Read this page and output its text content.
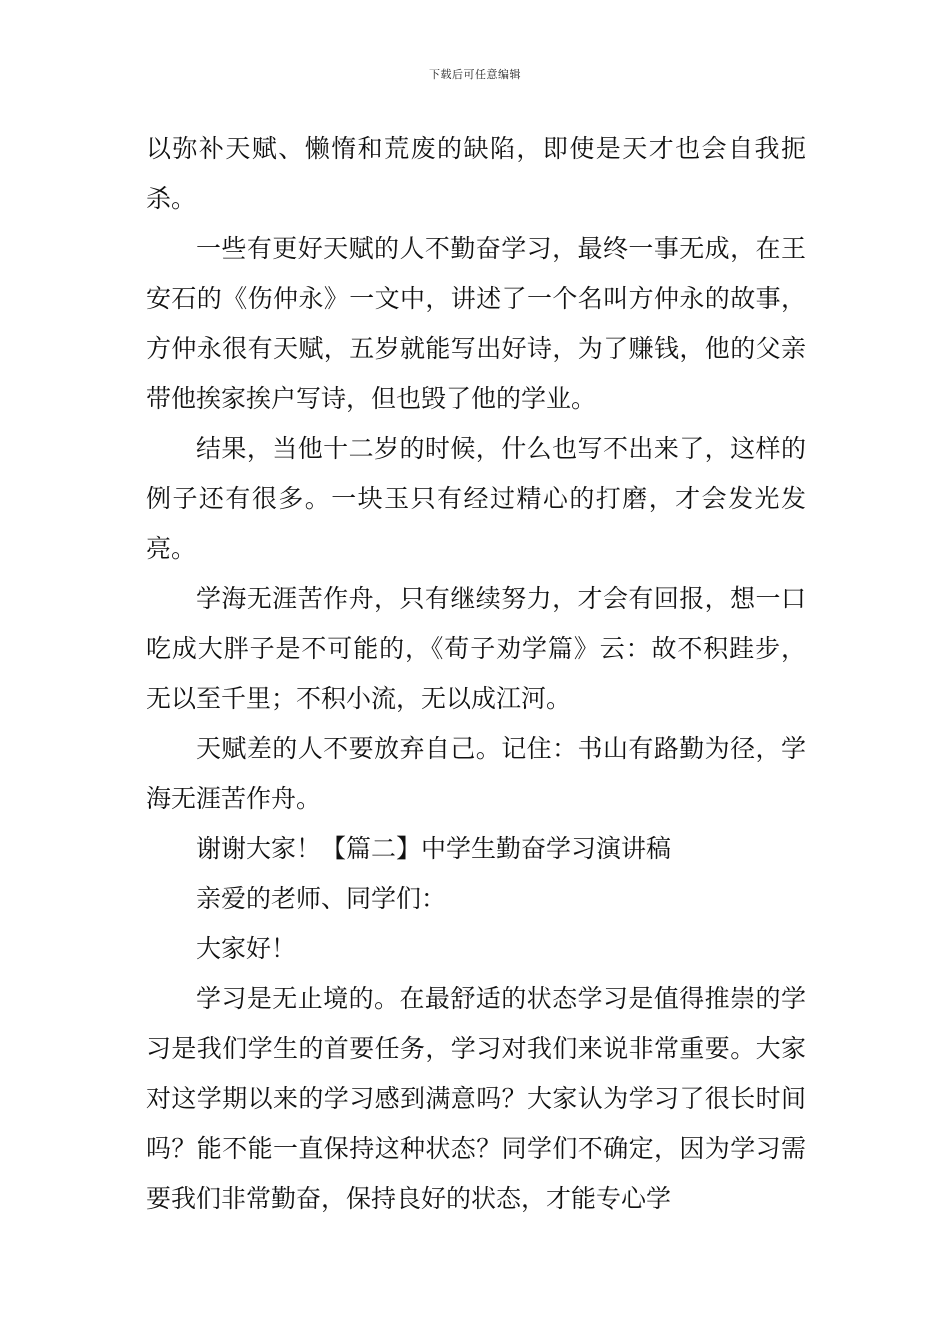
下载后可任意编辑

以弥补天赋、懒惰和荒废的缺陷，即使是天才也会自我扼杀。

一些有更好天赋的人不勤奋学习，最终一事无成，在王安石的《伤仲永》一文中，讲述了一个名叫方仲永的故事，方仲永很有天赋，五岁就能写出好诗，为了赚钱，他的父亲带他挨家挨户写诗，但也毁了他的学业。

结果，当他十二岁的时候，什么也写不出来了，这样的例子还有很多。一块玉只有经过精心的打磨，才会发光发亮。

学海无涯苦作舟，只有继续努力，才会有回报，想一口吃成大胖子是不可能的，《荀子劝学篇》云：故不积跬步，无以至千里；不积小流，无以成江河。

天赋差的人不要放弃自己。记住：书山有路勤为径，学海无涯苦作舟。

谢谢大家！【篇二】中学生勤奋学习演讲稿

亲爱的老师、同学们：

大家好！

学习是无止境的。在最舒适的状态学习是值得推崇的学习是我们学生的首要任务，学习对我们来说非常重要。大家对这学期以来的学习感到满意吗？大家认为学习了很长时间吗？能不能一直保持这种状态？同学们不确定，因为学习需要我们非常勤奋，保持良好的状态，才能专心学
